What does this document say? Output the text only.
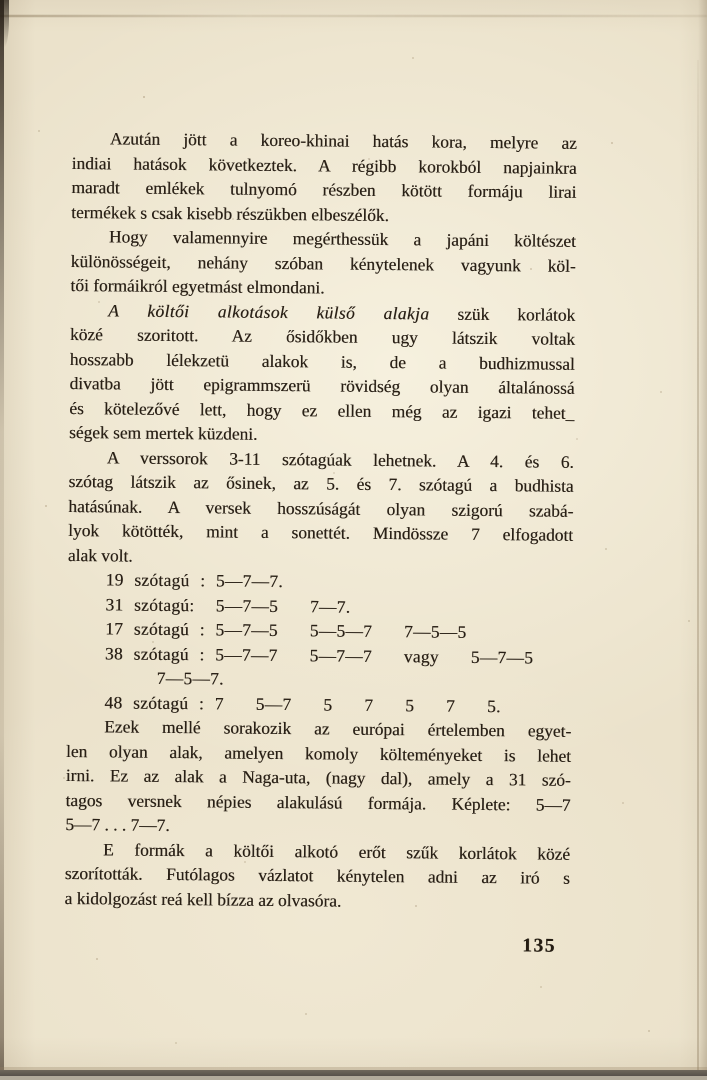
Azután jött a koreo-khinai hatás kora, melyre az
indiai hatások következtek. A régibb korokból napjainkra
maradt emlékek tulnyomó részben kötött formáju lirai
termékek s csak kisebb részükben elbeszélők.
Hogy valamennyire megérthessük a japáni költészet
különösségeit, nehány szóban kénytelenek vagyunk köl-
tői formáikról egyetmást elmondani.
A költői alkotások külső alakja szük korlátok
közé szoritott. Az ősidőkben ugy látszik voltak
hosszabb lélekzetü alakok is, de a budhizmussal
divatba jött epigrammszerü rövidség olyan általánossá
és kötelezővé lett, hogy ez ellen még az igazi tehet_
ségek sem mertek küzdeni.
A verssorok 3-11 szótagúak lehetnek. A 4. és 6.
szótag látszik az ősinek, az 5. és 7. szótagú a budhista
hatásúnak. A versek hosszúságát olyan szigorú szabá-
lyok kötötték, mint a sonettét. Mindössze 7 elfogadott
alak volt.
19 szótagú : 5—7—7.
31 szótagú:  5—7—5   7—7.
17 szótagú : 5—7—5   5—5—7   7—5—5
38 szótagú : 5—7—7   5—7—7   vagy   5—7—5
7—5—7.
48 szótagú : 7   5—7   5   7   5   7   5.
Ezek mellé sorakozik az európai értelemben egyet-
len olyan alak, amelyen komoly költeményeket is lehet
irni. Ez az alak a Naga-uta, (nagy dal), amely a 31 szó-
tagos versnek népies alakulású formája. Képlete: 5—7
5—7 . . . 7—7.
E formák a költői alkotó erőt szűk korlátok közé
szorították. Futólagos vázlatot kénytelen adni az iró s
a kidolgozást reá kell bízza az olvasóra.
135
